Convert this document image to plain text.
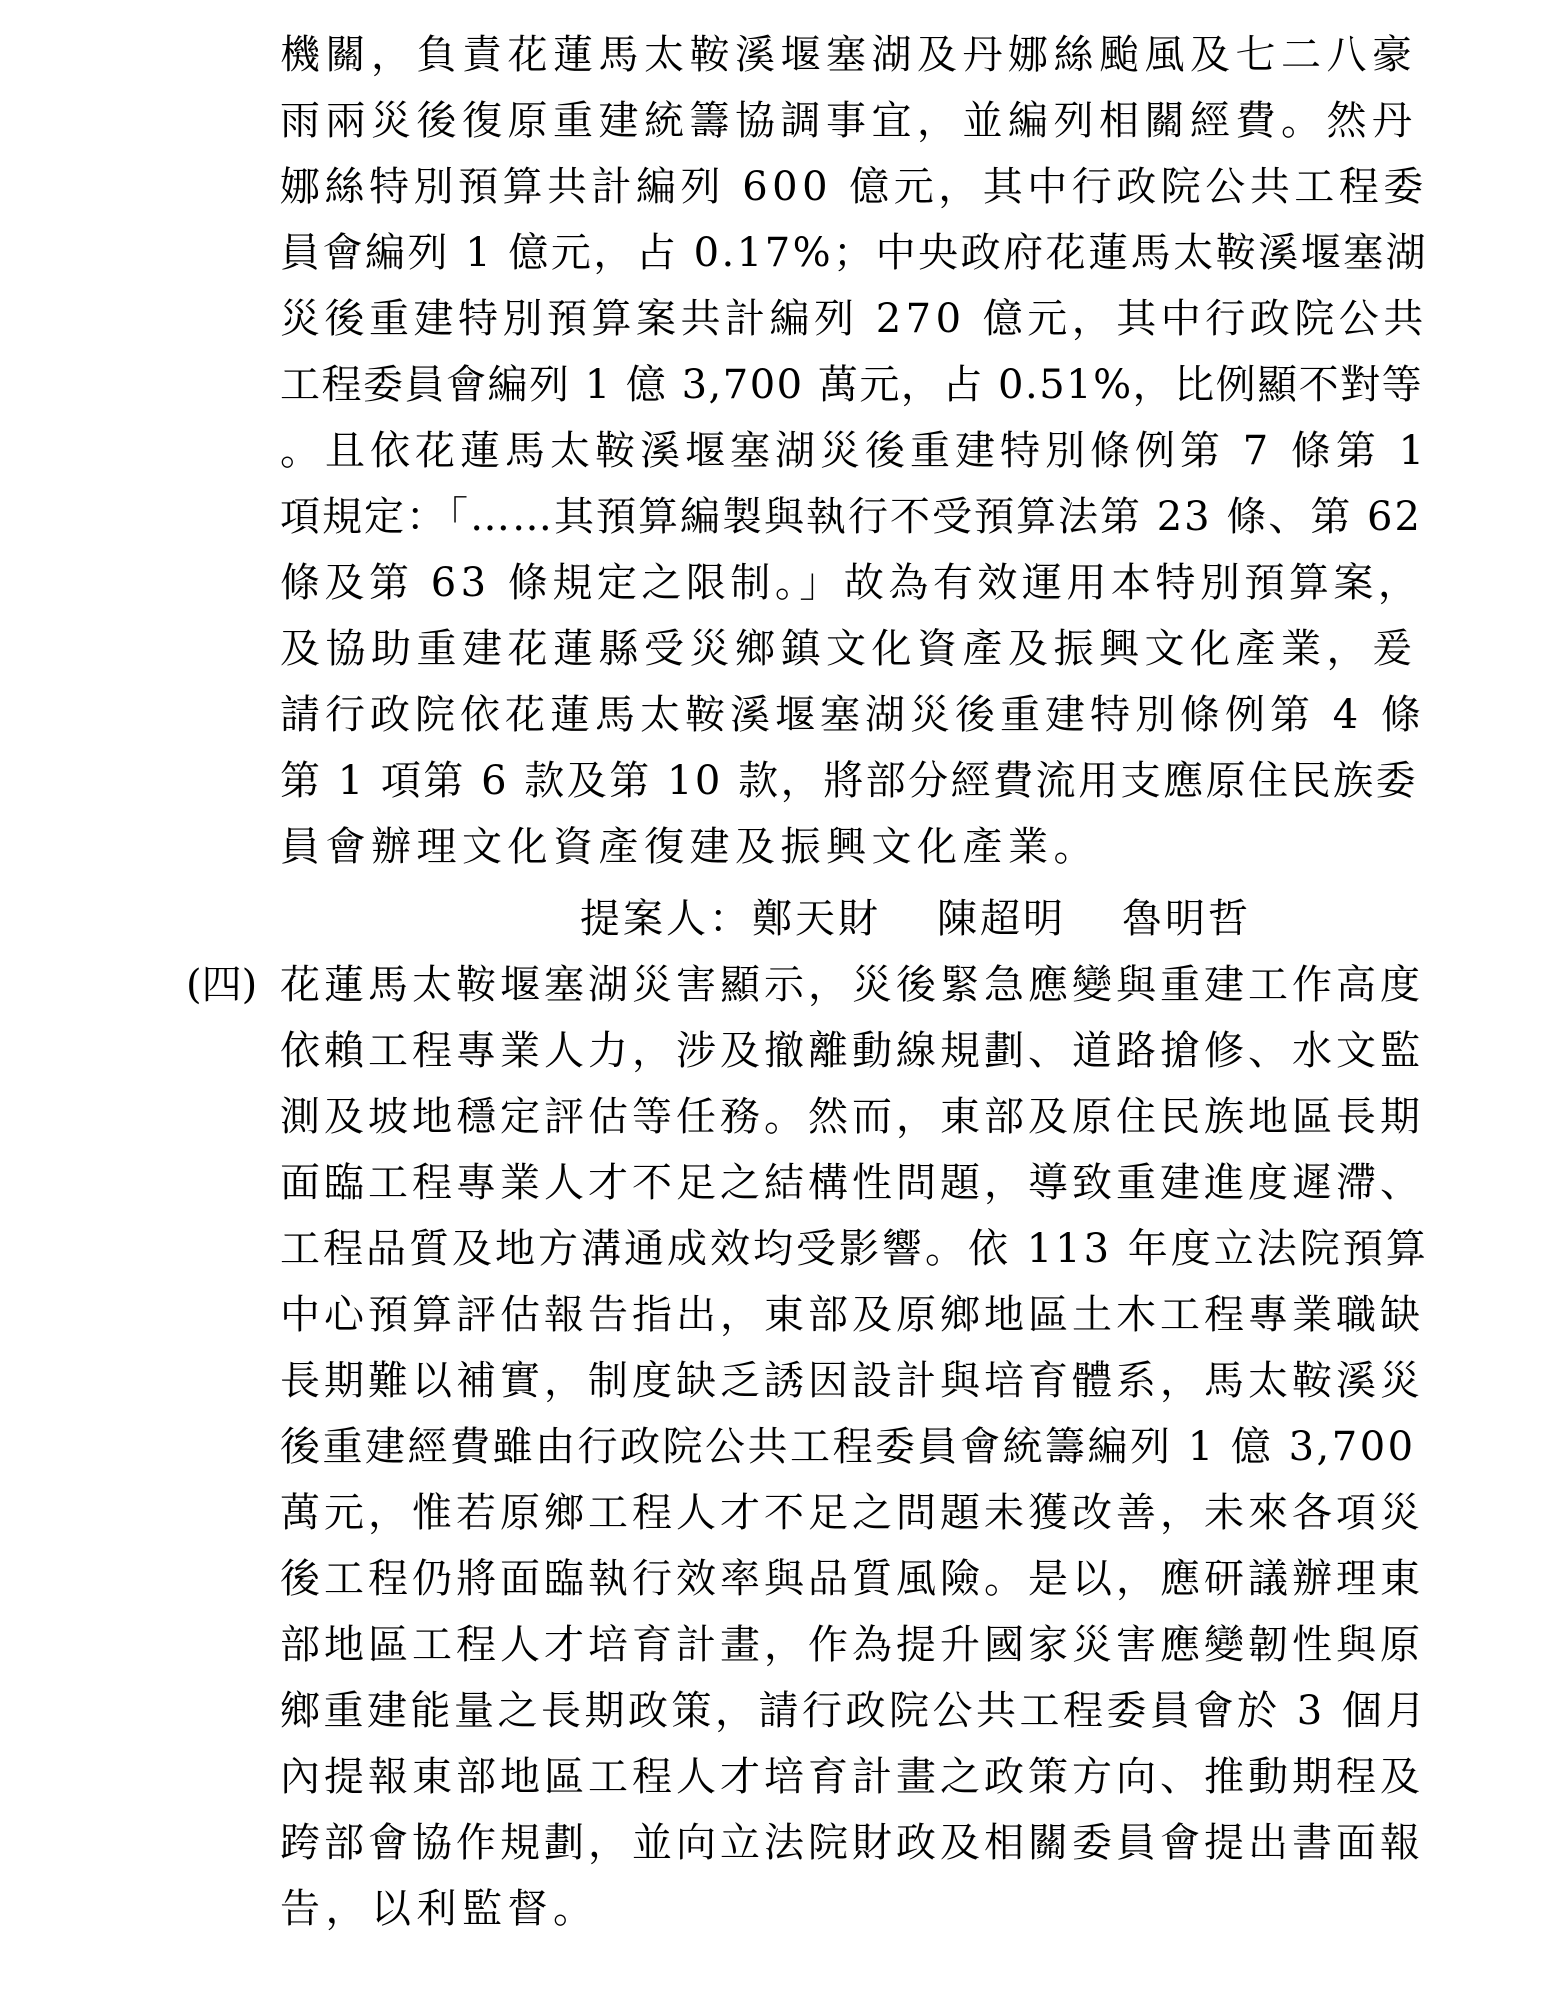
機關，負責花蓮馬太鞍溪堰塞湖及丹娜絲颱風及七二八豪
雨兩災後復原重建統籌協調事宜，並編列相關經費。然丹
娜絲特別預算共計編列 600 億元，其中行政院公共工程委
員會編列 1 億元，占 0.17%；中央政府花蓮馬太鞍溪堰塞湖
災後重建特別預算案共計編列 270 億元，其中行政院公共
工程委員會編列 1 億 3,700 萬元，占 0.51%，比例顯不對等
。且依花蓮馬太鞍溪堰塞湖災後重建特別條例第 7 條第 1
項規定：「……其預算編製與執行不受預算法第 23 條、第 62
條及第 63 條規定之限制。」故為有效運用本特別預算案，
及協助重建花蓮縣受災鄉鎮文化資產及振興文化產業，爰
請行政院依花蓮馬太鞍溪堰塞湖災後重建特別條例第 4 條
第 1 項第 6 款及第 10 款，將部分經費流用支應原住民族委
員會辦理文化資產復建及振興文化產業。
提案人：鄭天財 陳超明 魯明哲
(四) 花蓮馬太鞍堰塞湖災害顯示，災後緊急應變與重建工作高度
依賴工程專業人力，涉及撤離動線規劃、道路搶修、水文監
測及坡地穩定評估等任務。然而，東部及原住民族地區長期
面臨工程專業人才不足之結構性問題，導致重建進度遲滯、
工程品質及地方溝通成效均受影響。依 113 年度立法院預算
中心預算評估報告指出，東部及原鄉地區土木工程專業職缺
長期難以補實，制度缺乏誘因設計與培育體系，馬太鞍溪災
後重建經費雖由行政院公共工程委員會統籌編列 1 億 3,700
萬元，惟若原鄉工程人才不足之問題未獲改善，未來各項災
後工程仍將面臨執行效率與品質風險。是以，應研議辦理東
部地區工程人才培育計畫，作為提升國家災害應變韌性與原
鄉重建能量之長期政策，請行政院公共工程委員會於 3 個月
內提報東部地區工程人才培育計畫之政策方向、推動期程及
跨部會協作規劃，並向立法院財政及相關委員會提出書面報
告，以利監督。
